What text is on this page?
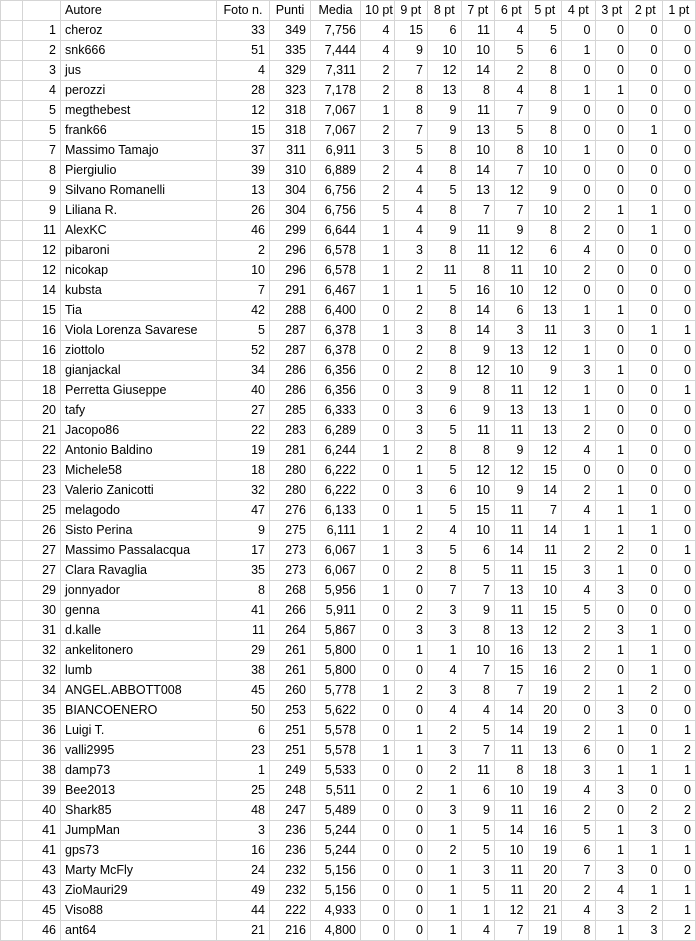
		Autore	Foto n.	Punti	Media	10 pt	9 pt	8 pt	7 pt	6 pt	5 pt	4 pt	3 pt	2 pt	1 pt
	1	cheroz	33	349	7,756	4	15	6	11	4	5	0	0	0	0
	2	snk666	51	335	7,444	4	9	10	10	5	6	1	0	0	0
	3	jus	4	329	7,311	2	7	12	14	2	8	0	0	0	0
	4	perozzi	28	323	7,178	2	8	13	8	4	8	1	1	0	0
	5	megthebest	12	318	7,067	1	8	9	11	7	9	0	0	0	0
	5	frank66	15	318	7,067	2	7	9	13	5	8	0	0	1	0
	7	Massimo Tamajo	37	311	6,911	3	5	8	10	8	10	1	0	0	0
	8	Piergiulio	39	310	6,889	2	4	8	14	7	10	0	0	0	0
	9	Silvano Romanelli	13	304	6,756	2	4	5	13	12	9	0	0	0	0
	9	Liliana R.	26	304	6,756	5	4	8	7	7	10	2	1	1	0
	11	AlexKC	46	299	6,644	1	4	9	11	9	8	2	0	1	0
	12	pibaroni	2	296	6,578	1	3	8	11	12	6	4	0	0	0
	12	nicokap	10	296	6,578	1	2	11	8	11	10	2	0	0	0
	14	kubsta	7	291	6,467	1	1	5	16	10	12	0	0	0	0
	15	Tia	42	288	6,400	0	2	8	14	6	13	1	1	0	0
	16	Viola Lorenza Savarese	5	287	6,378	1	3	8	14	3	11	3	0	1	1
	16	ziottolo	52	287	6,378	0	2	8	9	13	12	1	0	0	0
	18	gianjackal	34	286	6,356	0	2	8	12	10	9	3	1	0	0
	18	Perretta Giuseppe	40	286	6,356	0	3	9	8	11	12	1	0	0	1
	20	tafy	27	285	6,333	0	3	6	9	13	13	1	0	0	0
	21	Jacopo86	22	283	6,289	0	3	5	11	11	13	2	0	0	0
	22	Antonio Baldino	19	281	6,244	1	2	8	8	9	12	4	1	0	0
	23	Michele58	18	280	6,222	0	1	5	12	12	15	0	0	0	0
	23	Valerio Zanicotti	32	280	6,222	0	3	6	10	9	14	2	1	0	0
	25	melagodo	47	276	6,133	0	1	5	15	11	7	4	1	1	0
	26	Sisto Perina	9	275	6,111	1	2	4	10	11	14	1	1	1	0
	27	Massimo Passalacqua	17	273	6,067	1	3	5	6	14	11	2	2	0	1
	27	Clara Ravaglia	35	273	6,067	0	2	8	5	11	15	3	1	0	0
	29	jonnyador	8	268	5,956	1	0	7	7	13	10	4	3	0	0
	30	genna	41	266	5,911	0	2	3	9	11	15	5	0	0	0
	31	d.kalle	11	264	5,867	0	3	3	8	13	12	2	3	1	0
	32	ankelitonero	29	261	5,800	0	1	1	10	16	13	2	1	1	0
	32	lumb	38	261	5,800	0	0	4	7	15	16	2	0	1	0
	34	ANGEL.ABBOTT008	45	260	5,778	1	2	3	8	7	19	2	1	2	0
	35	BIANCOENERO	50	253	5,622	0	0	4	4	14	20	0	3	0	0
	36	Luigi T.	6	251	5,578	0	1	2	5	14	19	2	1	0	1
	36	valli2995	23	251	5,578	1	1	3	7	11	13	6	0	1	2
	38	damp73	1	249	5,533	0	0	2	11	8	18	3	1	1	1
	39	Bee2013	25	248	5,511	0	2	1	6	10	19	4	3	0	0
	40	Shark85	48	247	5,489	0	0	3	9	11	16	2	0	2	2
	41	JumpMan	3	236	5,244	0	0	1	5	14	16	5	1	3	0
	41	gps73	16	236	5,244	0	0	2	5	10	19	6	1	1	1
	43	Marty McFly	24	232	5,156	0	0	1	3	11	20	7	3	0	0
	43	ZioMauri29	49	232	5,156	0	0	1	5	11	20	2	4	1	1
	45	Viso88	44	222	4,933	0	0	1	1	12	21	4	3	2	1
	46	ant64	21	216	4,800	0	0	1	4	7	19	8	1	3	2
